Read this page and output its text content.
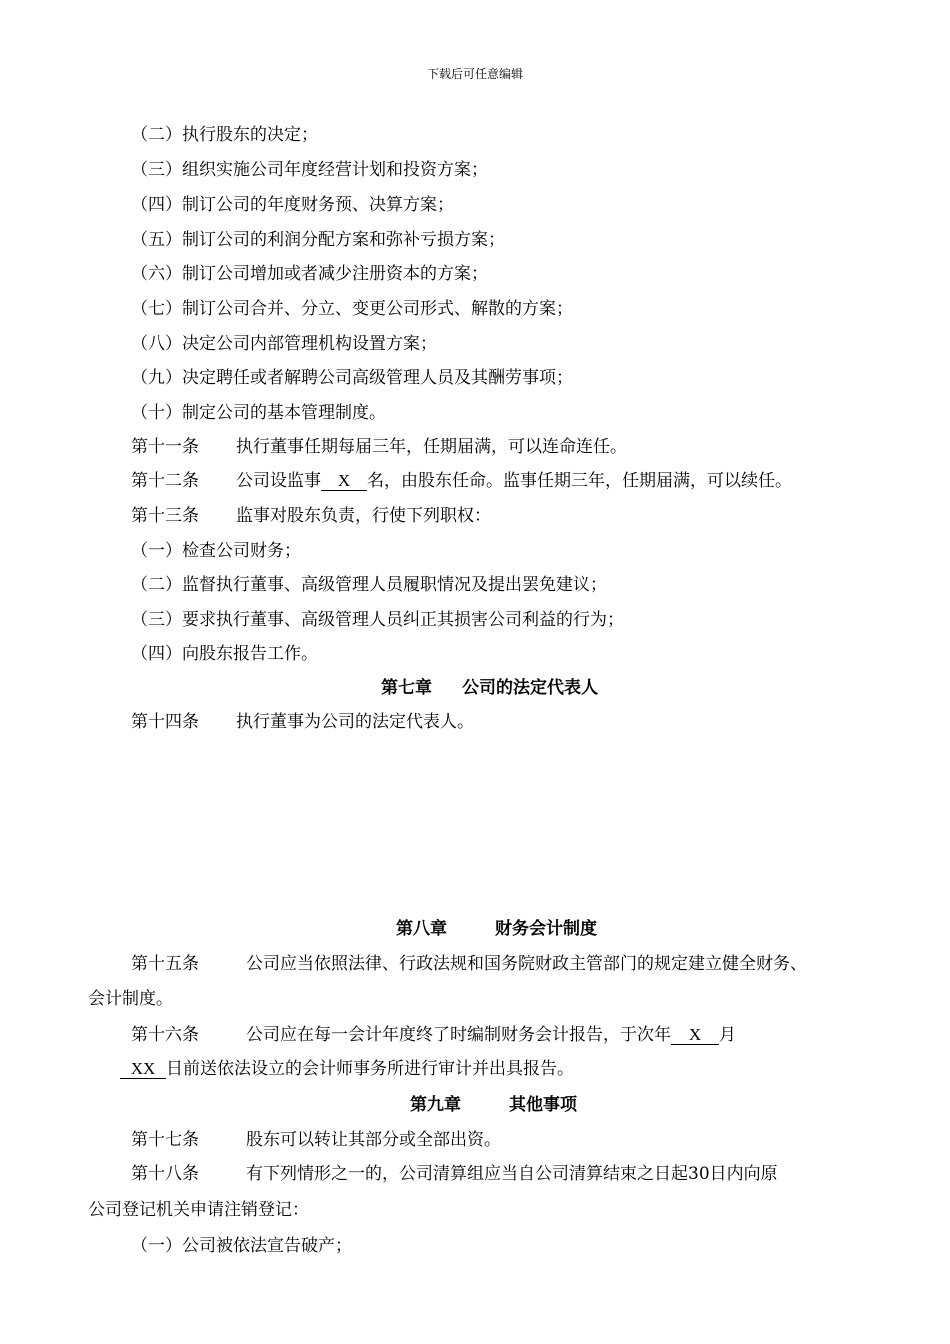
下载后可任意编辑
（二）执行股东的决定；
（三）组织实施公司年度经营计划和投资方案；
（四）制订公司的年度财务预、决算方案；
（五）制订公司的利润分配方案和弥补亏损方案；
（六）制订公司增加或者减少注册资本的方案；
（七）制订公司合并、分立、变更公司形式、解散的方案；
（八）决定公司内部管理机构设置方案；
（九）决定聘任或者解聘公司高级管理人员及其酬劳事项；
（十）制定公司的基本管理制度。
第十一条 执行董事任期每届三年，任期届满，可以连命连任。
第十二条 公司设监事 X 名，由股东任命。监事任期三年，任期届满，可以续任。
第十三条 监事对股东负责，行使下列职权：
（一）检查公司财务；
（二）监督执行董事、高级管理人员履职情况及提出罢免建议；
（三）要求执行董事、高级管理人员纠正其损害公司利益的行为；
（四）向股东报告工作。
第七章 公司的法定代表人
第十四条 执行董事为公司的法定代表人。
第八章	财务会计制度
第十五条	公司应当依照法律、行政法规和国务院财政主管部门的规定建立健全财务、
会计制度。
第十六条	公司应在每一会计年度终了时编制财务会计报告，于次年 X 月
XX 日前送依法设立的会计师事务所进行审计并出具报告。
第九章	其他事项
第十七条	股东可以转让其部分或全部出资。
第十八条	有下列情形之一的，公司清算组应当自公司清算结束之日起30日内向原
公司登记机关申请注销登记：
（一）公司被依法宣告破产；
